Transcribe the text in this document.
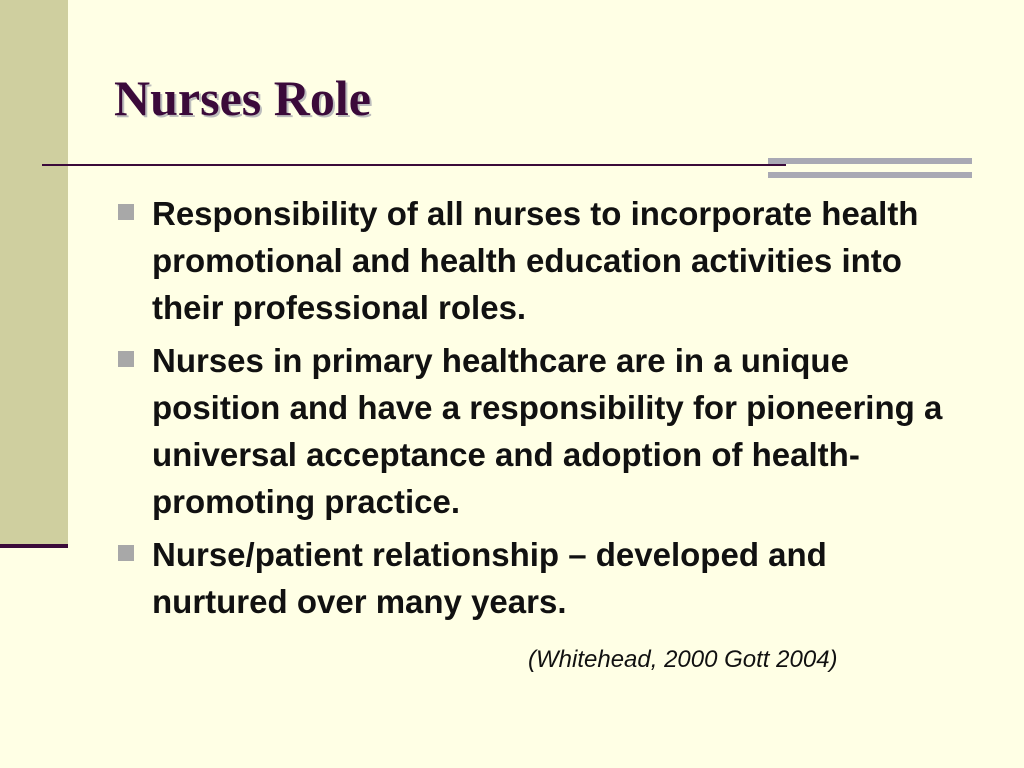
Nurses Role
Responsibility of all nurses to incorporate health promotional and health education activities into their professional roles.
Nurses in primary healthcare are in a unique position and have a responsibility for pioneering a universal acceptance and adoption of health-promoting practice.
Nurse/patient relationship – developed and nurtured over many years.
(Whitehead, 2000 Gott 2004)
